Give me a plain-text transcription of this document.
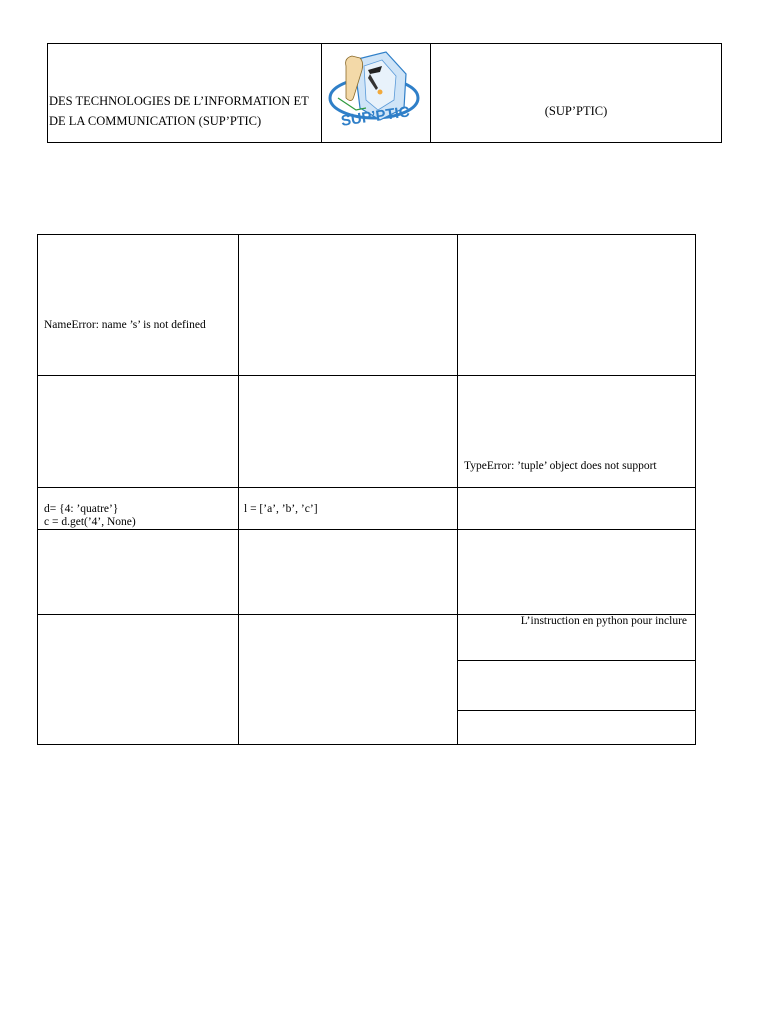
DES TECHNOLOGIES DE L’INFORMATION ET
DE LA COMMUNICATION (SUP’PTIC)	SUP’PTIC	(SUP’PTIC)
NameError: name ’s’ is not defined
TypeError: ’tuple’ object does not support
d= {4: ’quatre’}
c = d.get(’4’, None)
l = [’a’, ’b’, ’c’]
L’instruction en python pour inclure
